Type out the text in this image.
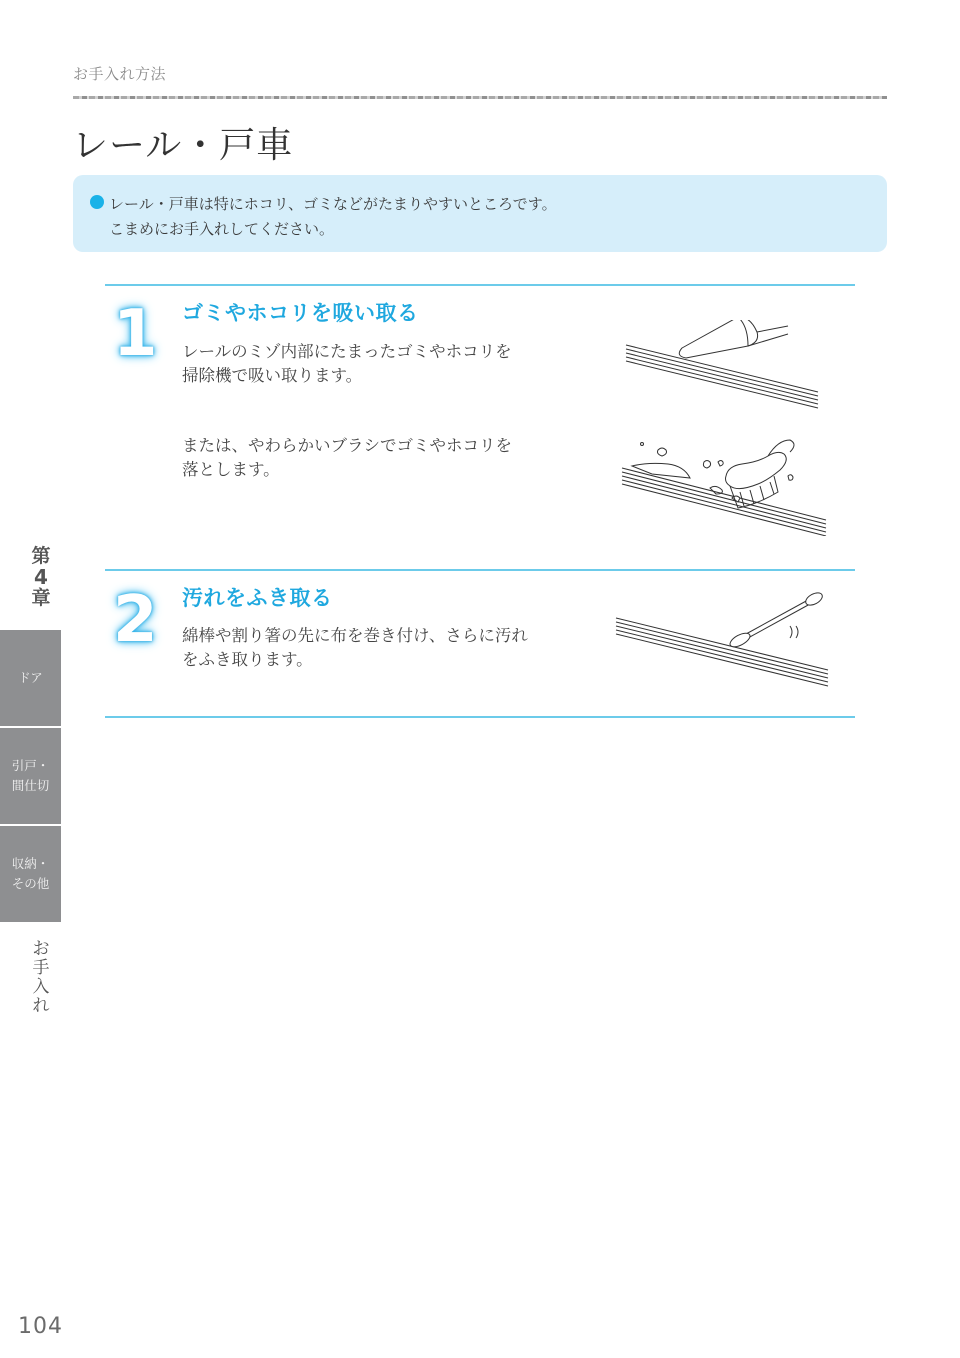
お手入れ方法
レール・戸車
レール・戸車は特にホコリ、ゴミなどがたまりやすいところです。
こまめにお手入れしてください。
1 ゴミやホコリを吸い取る
レールのミゾ内部にたまったゴミやホコリを
掃除機で吸い取ります。
または、やわらかいブラシでゴミやホコリを
落とします。
2 汚れをふき取る
綿棒や割り箸の先に布を巻き付け、さらに汚れ
をふき取ります。
第
4
章
ドア
引戸・
間仕切
収納・
その他
お
手
入
れ
104
